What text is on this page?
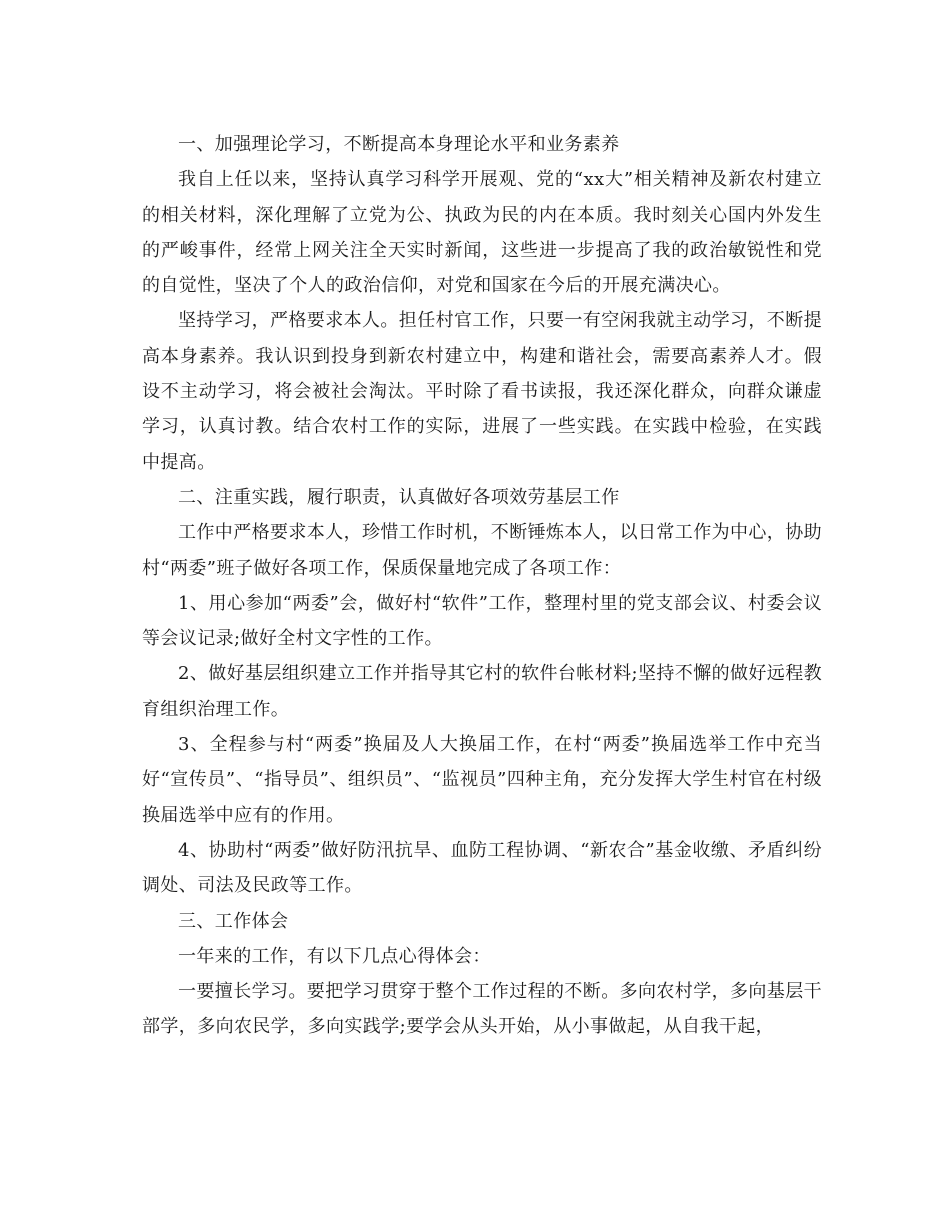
一、加强理论学习，不断提高本身理论水平和业务素养

我自上任以来，坚持认真学习科学开展观、党的“xx大”相关精神及新农村建立的相关材料，深化理解了立党为公、执政为民的内在本质。我时刻关心国内外发生的严峻事件，经常上网关注全天实时新闻，这些进一步提高了我的政治敏锐性和党的自觉性，坚决了个人的政治信仰，对党和国家在今后的开展充满决心。

坚持学习，严格要求本人。担任村官工作，只要一有空闲我就主动学习，不断提高本身素养。我认识到投身到新农村建立中，构建和谐社会，需要高素养人才。假设不主动学习，将会被社会淘汰。平时除了看书读报，我还深化群众，向群众谦虚学习，认真讨教。结合农村工作的实际，进展了一些实践。在实践中检验，在实践中提高。

二、注重实践，履行职责，认真做好各项效劳基层工作

工作中严格要求本人，珍惜工作时机，不断锤炼本人，以日常工作为中心，协助村“两委”班子做好各项工作，保质保量地完成了各项工作：

1、用心参加“两委”会，做好村“软件”工作，整理村里的党支部会议、村委会议等会议记录;做好全村文字性的工作。

2、做好基层组织建立工作并指导其它村的软件台帐材料;坚持不懈的做好远程教育组织治理工作。

3、全程参与村“两委”换届及人大换届工作，在村“两委”换届选举工作中充当好“宣传员”、“指导员”、组织员”、“监视员”四种主角，充分发挥大学生村官在村级换届选举中应有的作用。

4、协助村“两委”做好防汛抗旱、血防工程协调、“新农合”基金收缴、矛盾纠纷调处、司法及民政等工作。

三、工作体会

一年来的工作，有以下几点心得体会：

一要擅长学习。要把学习贯穿于整个工作过程的不断。多向农村学，多向基层干部学，多向农民学，多向实践学;要学会从头开始，从小事做起，从自我干起，
